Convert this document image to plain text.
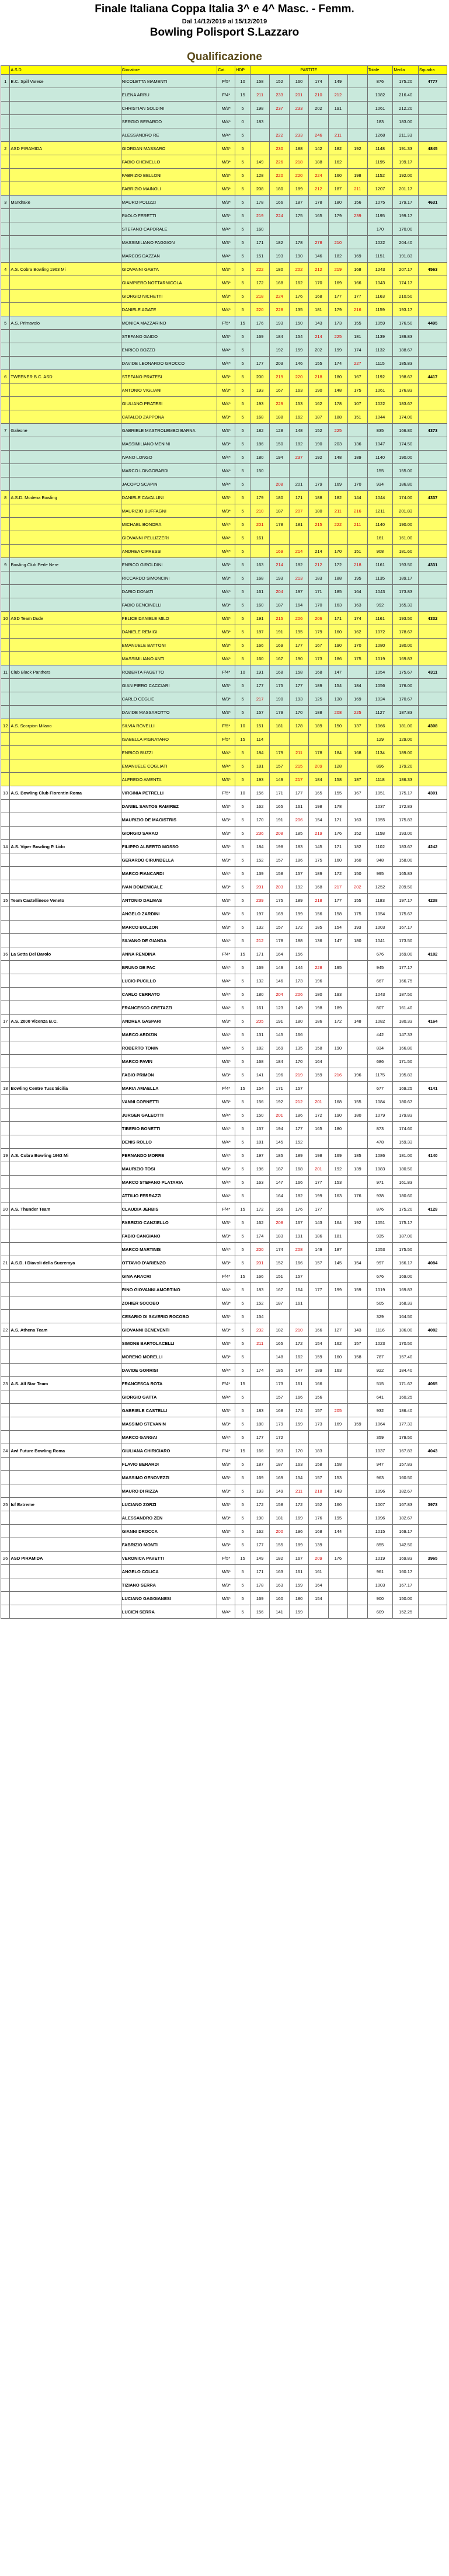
Finale Italiana Coppa Italia 3^ e 4^ Masc. - Femm.
Dal 14/12/2019 al 15/12/2019
Bowling Polisport S.Lazzaro
Qualificazione
	A.S.D.	Giocatore	Cat.	HDP	PARTITE						Totale	Media	Squadra
1	B.C. Spill Varese	NICOLETTA MAMENTI	F/5*	10	158	152	160	174	149		876	175.20	4777
		ELENA ARRU	F/4*	15	211	233	201	210	212		1082	216.40	
		CHRISTIAN SOLDINI	M/3*	5	198	237	233	202	191		1061	212.20	
		SERGIO BERARDO	M/4*	0	183						183	183.00	
		ALESSANDRO RE	M/4*	5		222	233	246	211		1268	211.33	
2	ASD PIRAMIDA	GIORDAN MASSARO	M/3*	5		230	188	142	182	192	1148	191.33	4845
		FABIO CHEMELLO	M/3*	5	149	226	218	188	162		1195	199.17	
		FABRIZIO BELLONI	M/3*	5	128	220	220	224	160	198	1152	192.00	
		FABRIZIO MAINOLI	M/3*	5	208	180	189	212	187	211	1207	201.17	
3	Mandrake	MAURO POLIZZI	M/3*	5	178	166	187	178	180	156	1075	179.17	4631
		PAOLO FERETTI	M/3*	5	219	224	175	165	179	239	1195	199.17	
		STEFANO CAPORALE	M/4*	5	160						170	170.00	
		MASSIMILIANO FAGGION	M/3*	5	171	182	178	278	210		1022	204.40	
		MARCOS DAZZAN	M/4*	5	151	193	190	146	182	169	1151	191.83	
4	A.S. Cobra Bowling 1963 Mi	GIOVANNI GAETA	M/3*	5	222	180	202	212	219	168	1243	207.17	4563
		GIAMPIERO NOTTARNICOLA	M/3*	5	172	168	162	170	169	166	1043	174.17	
		GIORGIO NICHETTI	M/3*	5	218	224	176	168	177	177	1163	210.50	
		DANIELE AGATE	M/4*	5	220	228	135	181	179	216	1159	193.17	
5	A.S. Primavolo	MONICA MAZZARINO	F/5*	15	176	193	150	143	173	155	1059	176.50	4495
		STEFANO GAIDO	M/3*	5	169	184	154	214	225	181	1139	189.83	
		ENRICO BOZZO	M/4*	5		192	159	202	199	174	1132	188.67	
		DAVIDE LEONARDO GROCCO	M/4*	5	177	203	146	155	174	227	1115	185.83	
6	TWEENER B.C. ASD	STEFANO PRATESI	M/3*	5	200	219	220	218	180	167	1192	198.67	4417
		ANTONIO VIGLIANI	M/3*	5	193	167	163	190	148	175	1061	176.83	
		GIULIANO PRATESI	M/4*	5	193	229	153	162	178	107	1022	183.67	
		CATALDO ZAPPONA	M/3*	5	168	188	162	187	188	151	1044	174.00	
7	Galeone	GABRIELE MASTROLEMBO BARNA	M/3*	5	182	128	148	152	225		835	166.80	4373
		MASSIMILIANO MENINI	M/3*	5	186	150	182	190	203	136	1047	174.50	
		IVANO LONGO	M/4*	5	180	194	237	192	148	189	1140	190.00	
		MARCO LONGOBARDI	M/4*	5	150						155	155.00	
		JACOPO SCAPIN	M/4*	5		208	201	179	169	170	934	186.80	
8	A.S.D. Modena Bowling	DANIELE CAVALLINI	M/3*	5	179	180	171	188	182	144	1044	174.00	4337
		MAURIZIO BUFFAGNI	M/3*	5	210	187	207	180	211	216	1211	201.83	
		MICHAEL BONORA	M/4*	5	201	178	181	215	222	211	1140	190.00	
		GIOVANNI PELLIZZERI	M/4*	5	161						161	161.00	
		ANDREA CIPRESSI	M/4*	5		169	214	214	170	151	908	181.60	
9	Bowling Club Perle Nere	ENRICO GIROLDINI	M/3*	5	163	214	182	212	172	218	1161	193.50	4331
		RICCARDO SIMONCINI	M/3*	5	168	193	213	183	188	195	1135	189.17	
		DARIO DONATI	M/4*	5	161	204	197	171	185	164	1043	173.83	
		FABIO BENCINELLI	M/3*	5	160	187	164	170	163	163	992	165.33	
10	ASD Team Dude	FELICE DANIELE MILO	M/3*	5	191	215	206	206	171	174	1161	193.50	4332
		DANIELE REMIGI	M/3*	5	187	191	195	179	160	162	1072	178.67	
		EMANUELE BATTONI	M/3*	5	166	169	177	167	190	170	1080	180.00	
		MASSIMILIANO ANTI	M/4*	5	160	167	190	173	186	175	1019	169.83	
11	Club Black Panthers	ROBERTA FAGETTO	F/4*	10	191	168	158	168	147		1054	175.67	4311
		GIAN PIERO CACCIARI	M/3*	5	177	175	177	189	154	184	1056	176.00	
		CARLO CEGLIE	M/3*	5	217	190	193	125	138	169	1024	170.67	
		DAVIDE MASSAROTTO	M/3*	5	157	179	170	188	208	225	1127	187.83	
12	A.S. Scorpion Milano	SILVIA ROVELLI	F/5*	10	151	181	178	189	150	137	1066	181.00	4308
		ISABELLA PIGNATARO	F/5*	15	114						129	129.00	
		ENRICO BUZZI	M/4*	5	184	179	211	178	184	168	1134	189.00	
		EMANUELE COGLIATI	M/4*	5	181	157	215	209	128		896	179.20	
		ALFREDO AMENTA	M/3*	5	193	149	217	184	158	187	1118	186.33	
13	A.S. Bowling Club Fiorentin Roma	VIRGINIA PETRELLI	F/5*	10	156	171	177	165	155	167	1051	175.17	4301
		DANIEL SANTOS RAMIREZ	M/3*	5	162	165	161	198	178		1037	172.83	
		MAURIZIO DE MAGISTRIS	M/3*	5	170	191	206	154	171	163	1055	175.83	
		GIORGIO SARAO	M/3*	5	236	208	185	219	176	152	1158	193.00	
14	A.S. Viper Bowling P. Lido	FILIPPO ALBERTO MOSSO	M/3*	5	184	198	183	145	171	182	1102	183.67	4242
		GERARDO CIRUNDELLA	M/3*	5	152	157	186	175	160	160	948	158.00	
		MARCO FIANCARDI	M/4*	5	139	158	157	189	172	150	995	165.83	
		IVAN DOMENICALE	M/3*	5	201	203	192	168	217	202	1252	209.50	
15	Team Castellinese Veneto	ANTONIO DALMAS	M/3*	5	239	175	189	218	177	155	1183	197.17	4238
		ANGELO ZARDINI	M/3*	5	197	169	199	156	158	175	1054	175.67	
		MARCO BOLZON	M/3*	5	132	157	172	185	154	193	1003	167.17	
		SILVANO DE GIANDA	M/4*	5	212	178	188	136	147	180	1041	173.50	
16	La Setta Del Barolo	ANNA RENDINA	F/4*	15	171	164	156				676	169.00	4182
		BRUNO DE PAC	M/4*	5	169	149	144	228	195		945	177.17	
		LUCIO PUCILLO	M/4*	5	132	146	173	196			667	166.75	
		CARLO CERRATO	M/4*	5	180	204	206	180	193		1043	187.50	
		FRANCESCO CRETAZZI	M/4*	5	161	123	149	198	189		807	161.40	
17	A.S. 2000 Vicenza B.C.	ANDREA GASPARI	M/3*	5	205	191	180	186	172	148	1082	180.33	4164
		MARCO ARDIZIN	M/4*	5	131	145	166				442	147.33	
		ROBERTO TONIN	M/4*	5	182	169	135	158	190		834	166.80	
		MARCO PAVIN	M/3*	5	168	184	170	164			686	171.50	
		FABIO PRIMON	M/3*	5	141	196	219	159	216	196	1175	195.83	
18	Bowling Centre Tuss Sicilia	MARIA AMAELLA	F/4*	15	154	171	157				677	169.25	4141
		VANNI CORNETTI	M/3*	5	156	192	212	201	168	155	1084	180.67	
		JURGEN GALEOTTI	M/4*	5	150	201	186	172	190	180	1079	179.83	
		TIBERIO BONETTI	M/4*	5	157	194	177	165	180		873	174.60	
		DENIS ROLLO	M/4*	5	181	145	152				478	159.33	
19	A.S. Cobra Bowling 1963 Mi	FERNANDO MORRE	M/4*	5	197	185	189	198	169	185	1086	181.00	4140
		MAURIZIO TOSI	M/3*	5	196	187	168	201	192	139	1083	180.50	
		MARCO STEFANO PLATARIA	M/4*	5	163	147	166	177	153		971	161.83	
		ATTILIO FERRAZZI	M/4*	5		164	182	199	163	176	938	180.60	
20	A.S. Thunder Team	CLAUDIA JERBIS	F/4*	15	172	166	176	177			876	175.20	4129
		FABRIZIO CANZIELLO	M/3*	5	162	208	167	143	164	192	1051	175.17	
		FABIO CANGIANO	M/3*	5	174	183	191	186	181		935	187.00	
		MARCO MARTINIS	M/4*	5	200	174	208	149	187		1053	175.50	
21	A.S.D. I Diavoli della Sucremya	OTTAVIO D'ARIENZO	M/3*	5	201	152	166	157	145	154	997	166.17	4084
		GINA ARACRI	F/4*	15	166	151	157				676	169.00	
		RINO GIOVANNI AMORTINO	M/4*	5	183	167	164	177	199	159	1019	169.83	
		ZOHIER SOCOBO	M/3*	5	152	187	161				505	168.33	
		CESARIO DI SAVERIO ROCOBO	M/3*	5	154						329	164.50	
22	A.S. Athena Team	GIOVANNI BENEVENTI	M/3*	5	232	182	210	166	127	143	1116	186.00	4082
		SIMONE BARTOLACELLI	M/3*	5	211	165	172	154	162	157	1023	170.50	
		MORENO MORELLI	M/3*	5		148	162	159	160	158	787	157.40	
		DAVIDE GORRISI	M/4*	5	174	185	147	189	163		922	184.40	
23	A.S. All Star Team	FRANCESCA ROTA	F/4*	15		173	161	166			515	171.67	4065
		GIORGIO GATTA	M/4*	5		157	166	156			641	160.25	
		GABRIELE CASTELLI	M/3*	5	183	168	174	157	205		932	186.40	
		MASSIMO STEVANIN	M/3*	5	180	179	159	173	169	159	1064	177.33	
		MARCO GANGAI	M/4*	5	177	172					359	179.50	
24	Awl Future Bowling Roma	GIULIANA CHIRICIARO	F/4*	15	166	163	170	183			1037	167.83	4043
		FLAVIO BERARDI	M/3*	5	187	187	163	158	158		947	157.83	
		MASSIMO GENOVEZZI	M/3*	5	169	169	154	157	153		963	160.50	
		MAURO DI RIZZA	M/3*	5	193	149	211	218	143		1096	182.67	
25	Icf Extreme	LUCIANO ZORZI	M/3*	5	172	158	172	152	160		1007	167.83	3973
		ALESSANDRO ZEN	M/3*	5	190	181	169	176	195		1096	182.67	
		GIANNI DROCCA	M/3*	5	162	200	196	168	144		1015	169.17	
		FABRIZIO MONTI	M/3*	5	177	155	189	139			855	142.50	
26	ASD PIRAMIDA	VERONICA PAVETTI	F/5*	15	149	182	167	209	176		1019	169.83	3965
		ANGELO COLICA	M/3*	5	171	163	161	161			961	160.17	
		TIZIANO SERRA	M/3*	5	178	163	159	164			1003	167.17	
		LUCIANO GAGGIANESI	M/3*	5	169	160	180	154			900	150.00	
		LUCIEN SERRA	M/4*	5	156	141	159				609	152.25	
